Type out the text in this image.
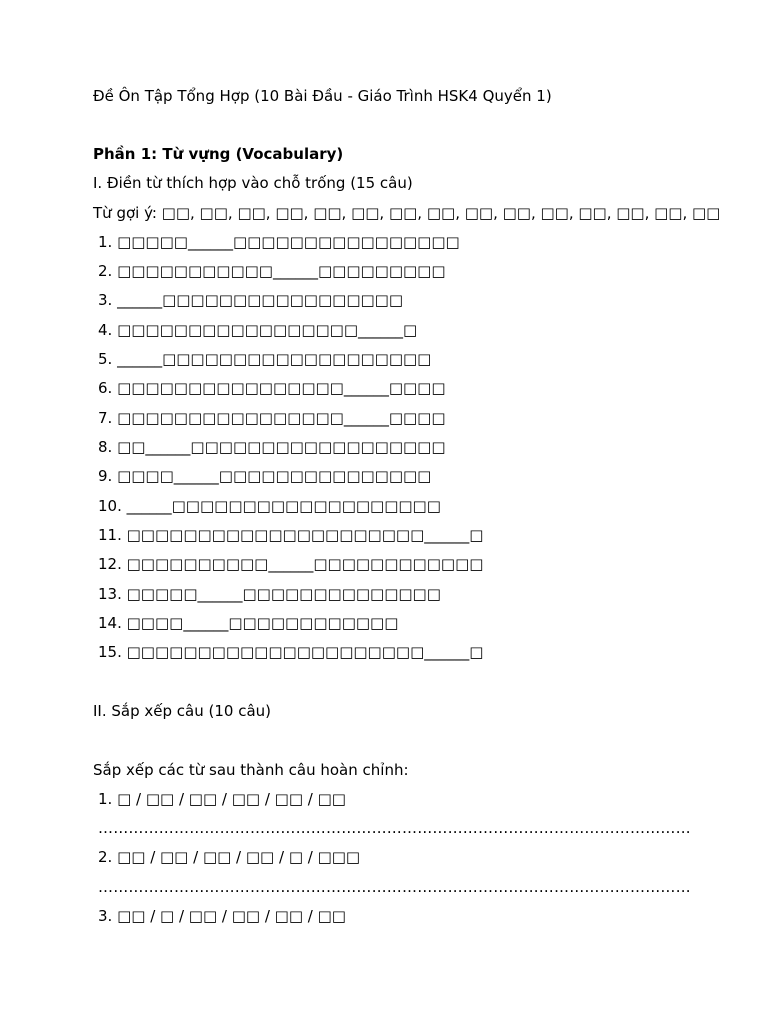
Đề Ôn Tập Tổng Hợp (10 Bài Đầu - Giáo Trình HSK4 Quyển 1)
Phần 1: Từ vựng (Vocabulary)
I. Điền từ thích hợp vào chỗ trống (15 câu)
Từ gợi ý: □□, □□, □□, □□, □□, □□, □□, □□, □□, □□, □□, □□, □□, □□, □□
1. □□□□□______□□□□□□□□□□□□□□□□
2. □□□□□□□□□□□______□□□□□□□□□
3. ______□□□□□□□□□□□□□□□□□
4. □□□□□□□□□□□□□□□□□______□
5. ______□□□□□□□□□□□□□□□□□□□
6. □□□□□□□□□□□□□□□□______□□□□
7. □□□□□□□□□□□□□□□□______□□□□
8. □□______□□□□□□□□□□□□□□□□□□
9. □□□□______□□□□□□□□□□□□□□□
10. ______□□□□□□□□□□□□□□□□□□□
11. □□□□□□□□□□□□□□□□□□□□□______□
12. □□□□□□□□□□______□□□□□□□□□□□□
13. □□□□□______□□□□□□□□□□□□□□
14. □□□□______□□□□□□□□□□□□
15. □□□□□□□□□□□□□□□□□□□□□______□
II. Sắp xếp câu (10 câu)
Sắp xếp các từ sau thành câu hoàn chỉnh:
1. □ / □□ / □□ / □□ / □□ / □□
………………………………………………………………………………………………………
2. □□ / □□ / □□ / □□ / □ / □□□
………………………………………………………………………………………………………
3. □□ / □ / □□ / □□ / □□ / □□
